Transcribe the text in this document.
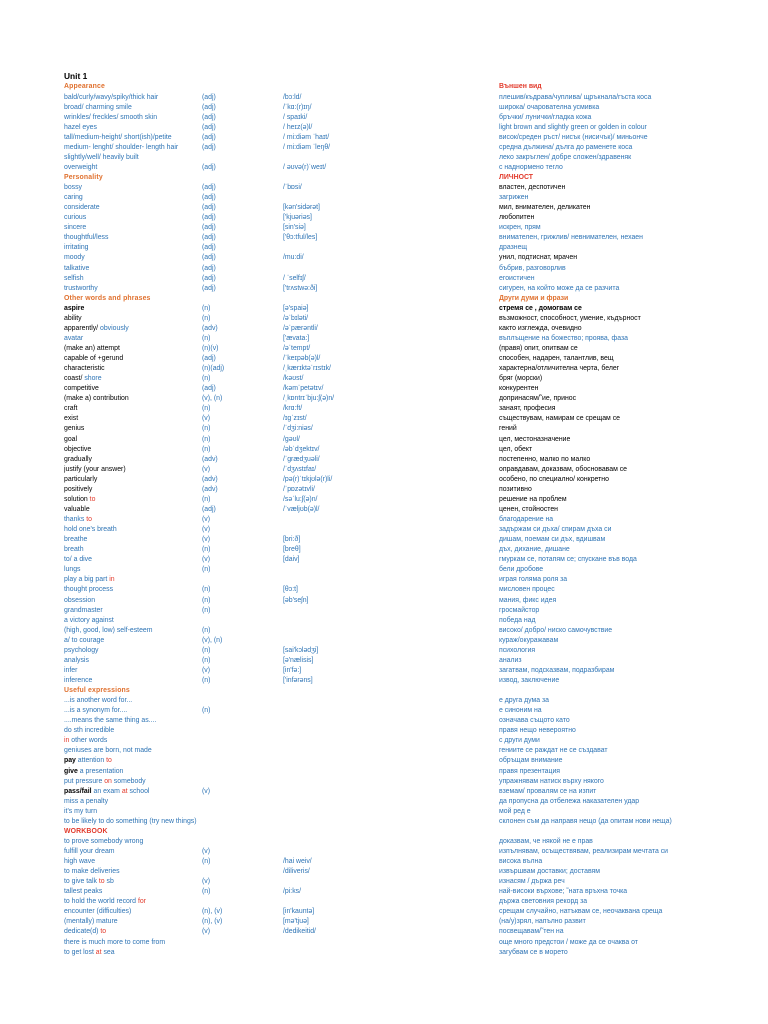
Unit 1
Appearance	Външен вид
bald/curly/wavy/spiky/thick hair	(adj)	/bɔ:ld/	плешив/къдрава/чуплива/ щръкнала/гъста коса
broad/ charming smile	(adj)	/ˈkɑ:(r)ɪŋ/	широка/ очарователна усмивка
wrinkles/ freckles/ smooth skin	(adj)	/ spaɪki/	бръчки/ лунички/гладка кожа
hazel eyes	(adj)	/ heɪz(ə)l/	light brown and slightly green or golden in colour
tall/medium-height/ short(ish)/petite	(adj)	/ mi:diəm ˈhaɪt/	висок/среден ръст/ нисък (нисичък)/ миньонче
medium- lenght/ shoulder- length hair	(adj)	/ mi:diəm ˈleŋθ/	средна дължина/ дълга до раменете коса
slightly/well/ heavily built	леко закръглен/ добре сложен/здравеняк
overweight	(adj)	/ əʊvə(r)ˈweɪt/	с наднормено тегло
Personality	ЛИЧНОСТ
bossy	(adj)	/ˈbɒsi/	властен, деспотичен
caring	(adj)	загрижен
considerate	(adj)	[kən'sidərət]	мил, внимателен, деликатен
curious	(adj)	['kjuəriəs]	любопитен
sincere	(adj)	[sin'siə]	искрен, прям
thoughtful/less	(adj)	['θɔ:tful/les]	внимателен, грижлив/ невнимателен, нехаен
irritating	(adj)	дразнещ
moody	(adj)	/mu:di/	унил, подтиснат, мрачен
talkative	(adj)	бъбрив, разговорлив
selfish	(adj)	/ ˈselfɪʃ/	егоистичен
trustworthy	(adj)	['trʌstwə:ði]	сигурен, на който може да се разчита
Other words and phrases	Други думи и фрази
aspire	(n)	[ə'spaiə]	стремя се , домогвам се
ability	(n)	/əˈbɪləti/	възможност, способност, умение, къдърност
apparently/ obviously	(adv)	/əˈpærəntli/	както изглежда, очевидно
avatar	(n)	['ævata:]	въплъщение на божество; проява, фаза
(make an) attempt	(n)(v)	/əˈtempt/	(правя) опит, опитвам се
capable of +gerund	(adj)	/ˈkeɪpəb(ə)l/	способен, надарен, талантлив, вещ
characteristic	(n)(adj)	/ˌkærɪktəˈrɪstɪk/	характерна/отличителна черта, белег
coast/ shore	(n)	/kəʊst/	бряг (морски)
competitive	(adj)	/kəmˈpetətɪv/	конкурентен
(make a) contribution	(v), (n)	/ˌkɒntrɪˈbju:ʃ(ə)n/	допринасям/˜ие, принос
craft	(n)	/krɑ:ft/	занаят, професия
exist	(v)	/ɪɡˈzɪst/	съществувам, намирам се срещам се
genius	(n)	/ˈdʒi:niəs/	гений
goal	(n)	/ɡəʊl/	цел, местоназначение
objective	(n)	/əbˈdʒektɪv/	цел, обект
gradually	(adv)	/ˈɡrædʒuəli/	постепенно, малко по малко
justify (your answer)	(v)	/ˈdʒʌstɪfaɪ/	оправдавам, доказвам, обосновавам се
particularly	(adv)	/pə(r)ˈtɪkjʊlə(r)li/	особено, по специално/ конкретно
positively	(adv)	/ˈpɒzətɪvli/	позитивно
solution to	(n)	/səˈlu:ʃ(ə)n/	решение на проблем
valuable	(adj)	/ˈvæljʊb(ə)l/	ценен, стойностен
thanks to	(v)	благодарение на
hold one's breath	(v)	задържам си дъха/ спирам дъха си
breathe	(v)	[bri:ð]	дишам, поемам си дъх, вдишвам
breath	(n)	[breθ]	дъх, дихание, дишане
to/ a dive	(v)	[daiv]	гмуркам се, потапям се; спускане във вода
lungs	(n)	бели дробове
play a big part in	играя голяма роля за
thought process	(n)	[θɔ:t]	мисловен процес
obsession	(n)	[əb'seʃn]	мания, фикс идея
grandmaster	(n)	гросмайстор
a victory against	победа над
(high, good, low) self-esteem	(n)	високо/ добро/ ниско самочувствие
a/ to courage	(v), (n)	кураж/окуражавам
psychology	(n)	[sai'kɔlədʒi]	психология
analysis	(n)	[ə'nælisis]	анализ
infer	(v)	[in'fə:]	загатвам, подсказвам, подразбирам
inference	(n)	['infərəns]	извод, заключение
Useful expressions
...is another word for...	е друга дума за
...is a synonym for....	(n)	е синоним на
....means the same thing as....	означава същото като
do sth incredible	правя нещо невероятно
in other words	с други думи
geniuses are born, not made	гениите се раждат не се създават
pay attention to	обръщам внимание
give a presentation	правя презентация
put pressure on somebody	упражнявам натиск върху някого
pass/fail an exam at school	(v)	вземам/ провалям се на изпит
miss a penalty	да пропусна да отбележа наказателен удар
it's my turn	мой ред е
to be likely to do something (try new things)	склонен съм да направя нещо (да опитам нови неща)
WORKBOOK
to prove somebody wrong	доказвам, че някой не е прав
fulfill your dream	(v)	изпълнявам, осъществявам, реализирам мечтата си
high wave	(n)	/hai weiv/	висока вълна
to make deliveries	/diliveris/	извършвам доставки; доставям
to give talk to sb	(v)	изнасям / държа реч
tallest peaks	(n)	/pi:ks/	най-високи върхове; ˜ната връхна точка
to hold the world record for	държа световния рекорд за
encounter (difficulties)	(n), (v)	[in'kauntə]	срещам случайно, натъквам се, неочаквана среща
(mentally) mature	(n), (v)	[mə'tjuə]	(на/у)зрял, напълно развит
dedicate(d) to	(v)	/dedikeitid/	посвещавам/˜тен на
there is much more to come from	още много предстои / може да се очаква от
to get lost at sea	загубвам се в морето
